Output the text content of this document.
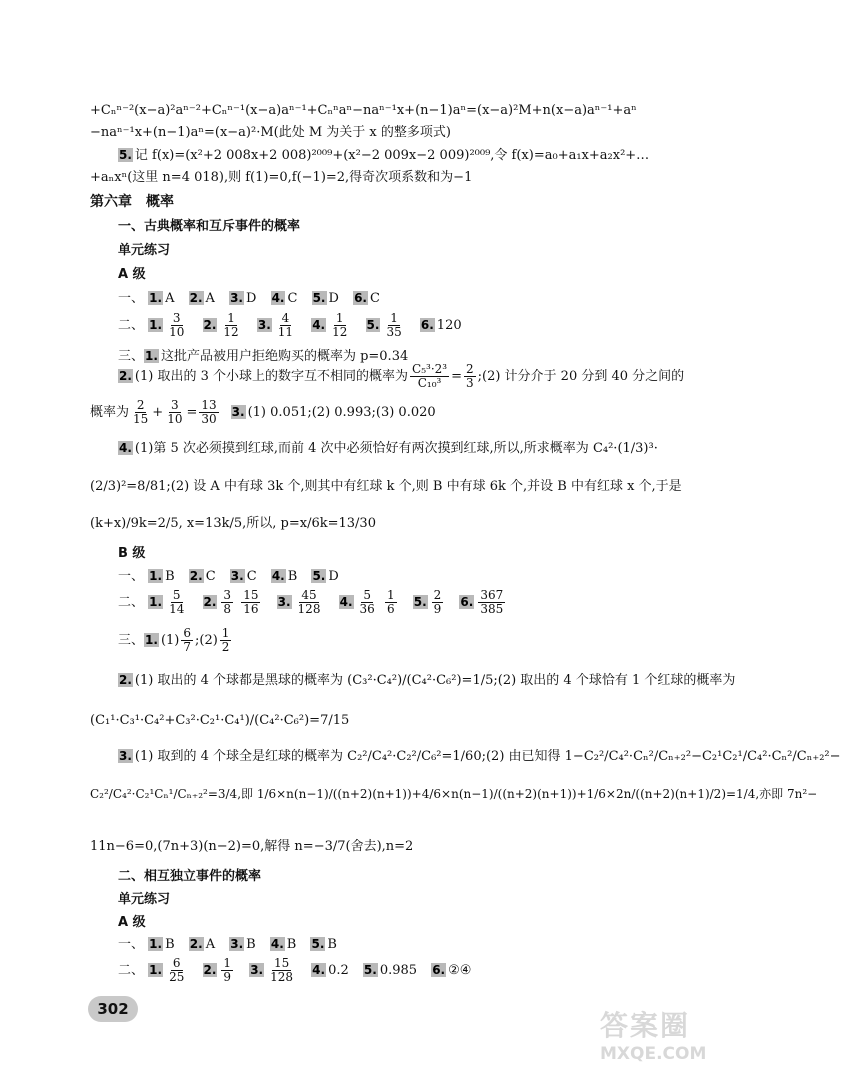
+Cₙⁿ⁻²(x−a)²aⁿ⁻²+Cₙⁿ⁻¹(x−a)aⁿ⁻¹+Cₙⁿaⁿ−naⁿ⁻¹x+(n−1)aⁿ=(x−a)²M+n(x−a)aⁿ⁻¹+aⁿ
−naⁿ⁻¹x+(n−1)aⁿ=(x−a)²·M(此处 M 为关于 x 的整多项式)
5. 记 f(x)=(x²+2 008x+2 008)²⁰⁰⁹+(x²−2 009x−2 009)²⁰⁰⁹,令 f(x)=a₀+a₁x+a₂x²+…
+aₙxⁿ(这里 n=4 018),则 f(1)=0,f(−1)=2,得奇次项系数和为−1
第六章　概率
一、古典概率和互斥事件的概率
单元练习
A 级
一、 1. A 2. A 3. D 4. C 5. D 6. C
二、 1. $\frac{3}{10} 2$. $\frac{1}{12} 3$. $\frac{4}{11} 4$. $\frac{1}{12} 5$. $\frac{1}{35} 6$. 120
三、1. 这批产品被用户拒绝购买的概率为 p=0.34
2. (1) 取出的 3 个小球上的数字互不相同的概率为 $\frac{\text{C₅³·2³}}{\text{C₁₀³}} = \frac{2}{3}$ ;(2) 计分介于 20 分到 40 分之间的
概率为 $\frac{2}{15} + \frac{3}{10} = \frac{13}{30} 3$. (1) 0.051;(2) 0.993;(3) 0.020
4. (1)第 5 次必须摸到红球,而前 4 次中必须恰好有两次摸到红球,所以,所求概率为 C₄²·(1/3)³·
(2/3)²=8/81;(2) 设 A 中有球 3k 个,则其中有红球 k 个,则 B 中有球 6k 个,并设 B 中有红球 x 个,于是
(k+x)/9k=2/5, x=13k/5,所以, p=x/6k=13/30
B 级
一、 1. B 2. C 3. C 4. B 5. D
二、 1. $\frac{5}{14} 2$. $\frac{3}{8}$
$\frac{15}{16} 3$. $\frac{45}{128} 4$. $\frac{5}{36}$
$\frac{1}{6} 5$. $\frac{2}{9} 6$. $\frac{367}{385}$
三、1. $(1) \frac{6}{7}$ ;(2) $\frac{1}{2}$
2. (1) 取出的 4 个球都是黑球的概率为 (C₃²·C₄²)/(C₄²·C₆²)=1/5;(2) 取出的 4 个球恰有 1 个红球的概率为
(C₁¹·C₃¹·C₄²+C₃²·C₂¹·C₄¹)/(C₄²·C₆²)=7/15
3. (1) 取到的 4 个球全是红球的概率为 C₂²/C₄²·C₂²/C₆²=1/60;(2) 由已知得 1−C₂²/C₄²·Cₙ²/Cₙ₊₂²−C₂¹C₂¹/C₄²·Cₙ²/Cₙ₊₂²−
C₂²/C₄²·C₂¹Cₙ¹/Cₙ₊₂²=3/4,即 1/6×n(n−1)/((n+2)(n+1))+4/6×n(n−1)/((n+2)(n+1))+1/6×2n/((n+2)(n+1)/2)=1/4,亦即 7n²−
11n−6=0,(7n+3)(n−2)=0,解得 n=−3/7(舍去),n=2
二、相互独立事件的概率
单元练习
A 级
一、 1. B 2. A 3. B 4. B 5. B
二、 1. $\frac{6}{25} 2$. $\frac{1}{9} 3$. $\frac{15}{128} 4$. 0.2 5. 0.985 6. ②④
302	答案圈
MXQE.COM
